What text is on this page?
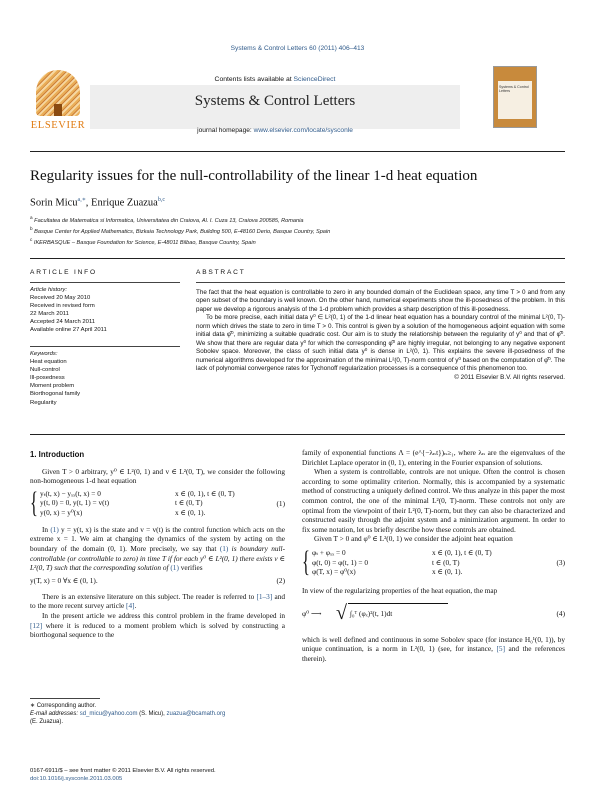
Systems & Control Letters 60 (2011) 406–413
ELSEVIER
Contents lists available at ScienceDirect
Systems & Control Letters
journal homepage: www.elsevier.com/locate/sysconle
Systems & Control Letters
Regularity issues for the null-controllability of the linear 1-d heat equation
Sorin Micu$^{a,∗}$, Enrique Zuazua$^{b,c}$
$^a$ Facultatea de Matematica si Informatica, Universitatea din Craiova, Al. I. Cuza 13, Craiova 200585, Romania
$^b$ Basque Center for Applied Mathematics, Bizkaia Technology Park, Building 500, E-48160 Derio, Basque Country, Spain
$^c$ IKERBASQUE – Basque Foundation for Science, E-48011 Bilbao, Basque Country, Spain
ARTICLE INFO
Article history:
Received 20 May 2010
Received in revised form
22 March 2011
Accepted 24 March 2011
Available online 27 April 2011
Keywords:
Heat equation
Null-control
Ill-posedness
Moment problem
Biorthogonal family
Regularity
ABSTRACT

The fact that the heat equation is controllable to zero in any bounded domain of the Euclidean space, any time T > 0 and from any open subset of the boundary is well known. On the other hand, numerical experiments show the ill-posedness of the problem. In this paper we develop a rigorous analysis of the 1-d problem which provides a sharp description of this ill-posedness.

To be more precise, each initial data y⁰ ∈ L²(0, 1) of the 1-d linear heat equation has a boundary control of the minimal L²(0, T)-norm which drives the state to zero in time T > 0. This control is given by a solution of the homogeneous adjoint equation with some initial data φ̂⁰, minimizing a suitable quadratic cost. Our aim is to study the relationship between the regularity of y⁰ and that of φ̂⁰. We show that there are regular data y⁰ for which the corresponding φ̂⁰ are highly irregular, not belonging to any negative exponent Sobolev space. Moreover, the class of such initial data y⁰ is dense in L²(0, 1). This explains the severe ill-posedness of the numerical algorithms developed for the approximation of the minimal L²(0, T)-norm control of y⁰ based on the computation of φ̂⁰. The lack of polynomial convergence rates for Tychonoff regularization processes is a consequence of this phenomenon too.

© 2011 Elsevier B.V. All rights reserved.

1. Introduction

Given T > 0 arbitrary, y⁰ ∈ L²(0, 1) and v ∈ L²(0, T), we consider the following non-homogeneous 1-d heat equation

{ yₜ(t, x) − yₓₓ(t, x) = 0
y(t, 0) = 0, y(t, 1) = v(t)
y(0, x) = y⁰(x)
x ∈ (0, 1), t ∈ (0, T)
t ∈ (0, T)
x ∈ (0, 1).
(1)

In (1) y = y(t, x) is the state and v = v(t) is the control function which acts on the extreme x = 1. We aim at changing the dynamics of the system by acting on the boundary of the domain (0, 1). More precisely, we say that (1) is boundary null-controllable (or controllable to zero) in time T if for each y⁰ ∈ L²(0, 1) there exists v ∈ L²(0, T) such that the corresponding solution of (1) verifies

y(T, x) = 0 ∀x ∈ (0, 1).	(2)

There is an extensive literature on this subject. The reader is referred to [1–3] and to the more recent survey article [4].

In the present article we address this control problem in the frame developed in [12] where it is reduced to a moment problem which is solved by constructing a biorthogonal sequence to the

∗ Corresponding author.
E-mail addresses: sd_micu@yahoo.com (S. Micu), zuazua@bcamath.org
(E. Zuazua).
0167-6911/$ – see front matter © 2011 Elsevier B.V. All rights reserved.
doi:10.1016/j.sysconle.2011.03.005

family of exponential functions Λ = (e^{−λₙt})ₙ≥₁, where λₙ are the eigenvalues of the Dirichlet Laplace operator in (0, 1), entering in the Fourier expansion of solutions.

When a system is controllable, controls are not unique. Often the control is chosen according to some optimality criterion. Normally, this is accompanied by a systematic method of constructing a uniquely defined control. We thus analyze in this paper the most common control, the one of the minimal L²(0, T)-norm. These controls not only are optimal from the viewpoint of their L²(0, T)-norm, but they can also be characterized and constructed easily through the adjoint system and a minimization argument. In order to fix some notation, let us briefly describe how these controls are obtained.

Given T > 0 and φ⁰ ∈ L²(0, 1) we consider the adjoint heat equation

{ φₜ + φₓₓ = 0
φ(t, 0) = φ(t, 1) = 0
φ(T, x) = φ⁰(x)
x ∈ (0, 1), t ∈ (0, T)
t ∈ (0, T)
x ∈ (0, 1).
(3)

In view of the regularizing properties of the heat equation, the map

φ⁰ ⟶ √ ∫₀ᵀ (φₓ)²(t, 1)dt	(4)

which is well defined and continuous in some Sobolev space (for instance H₀¹(0, 1)), by unique continuation, is a norm in L²(0, 1) (see, for instance, [5] and the references therein).
